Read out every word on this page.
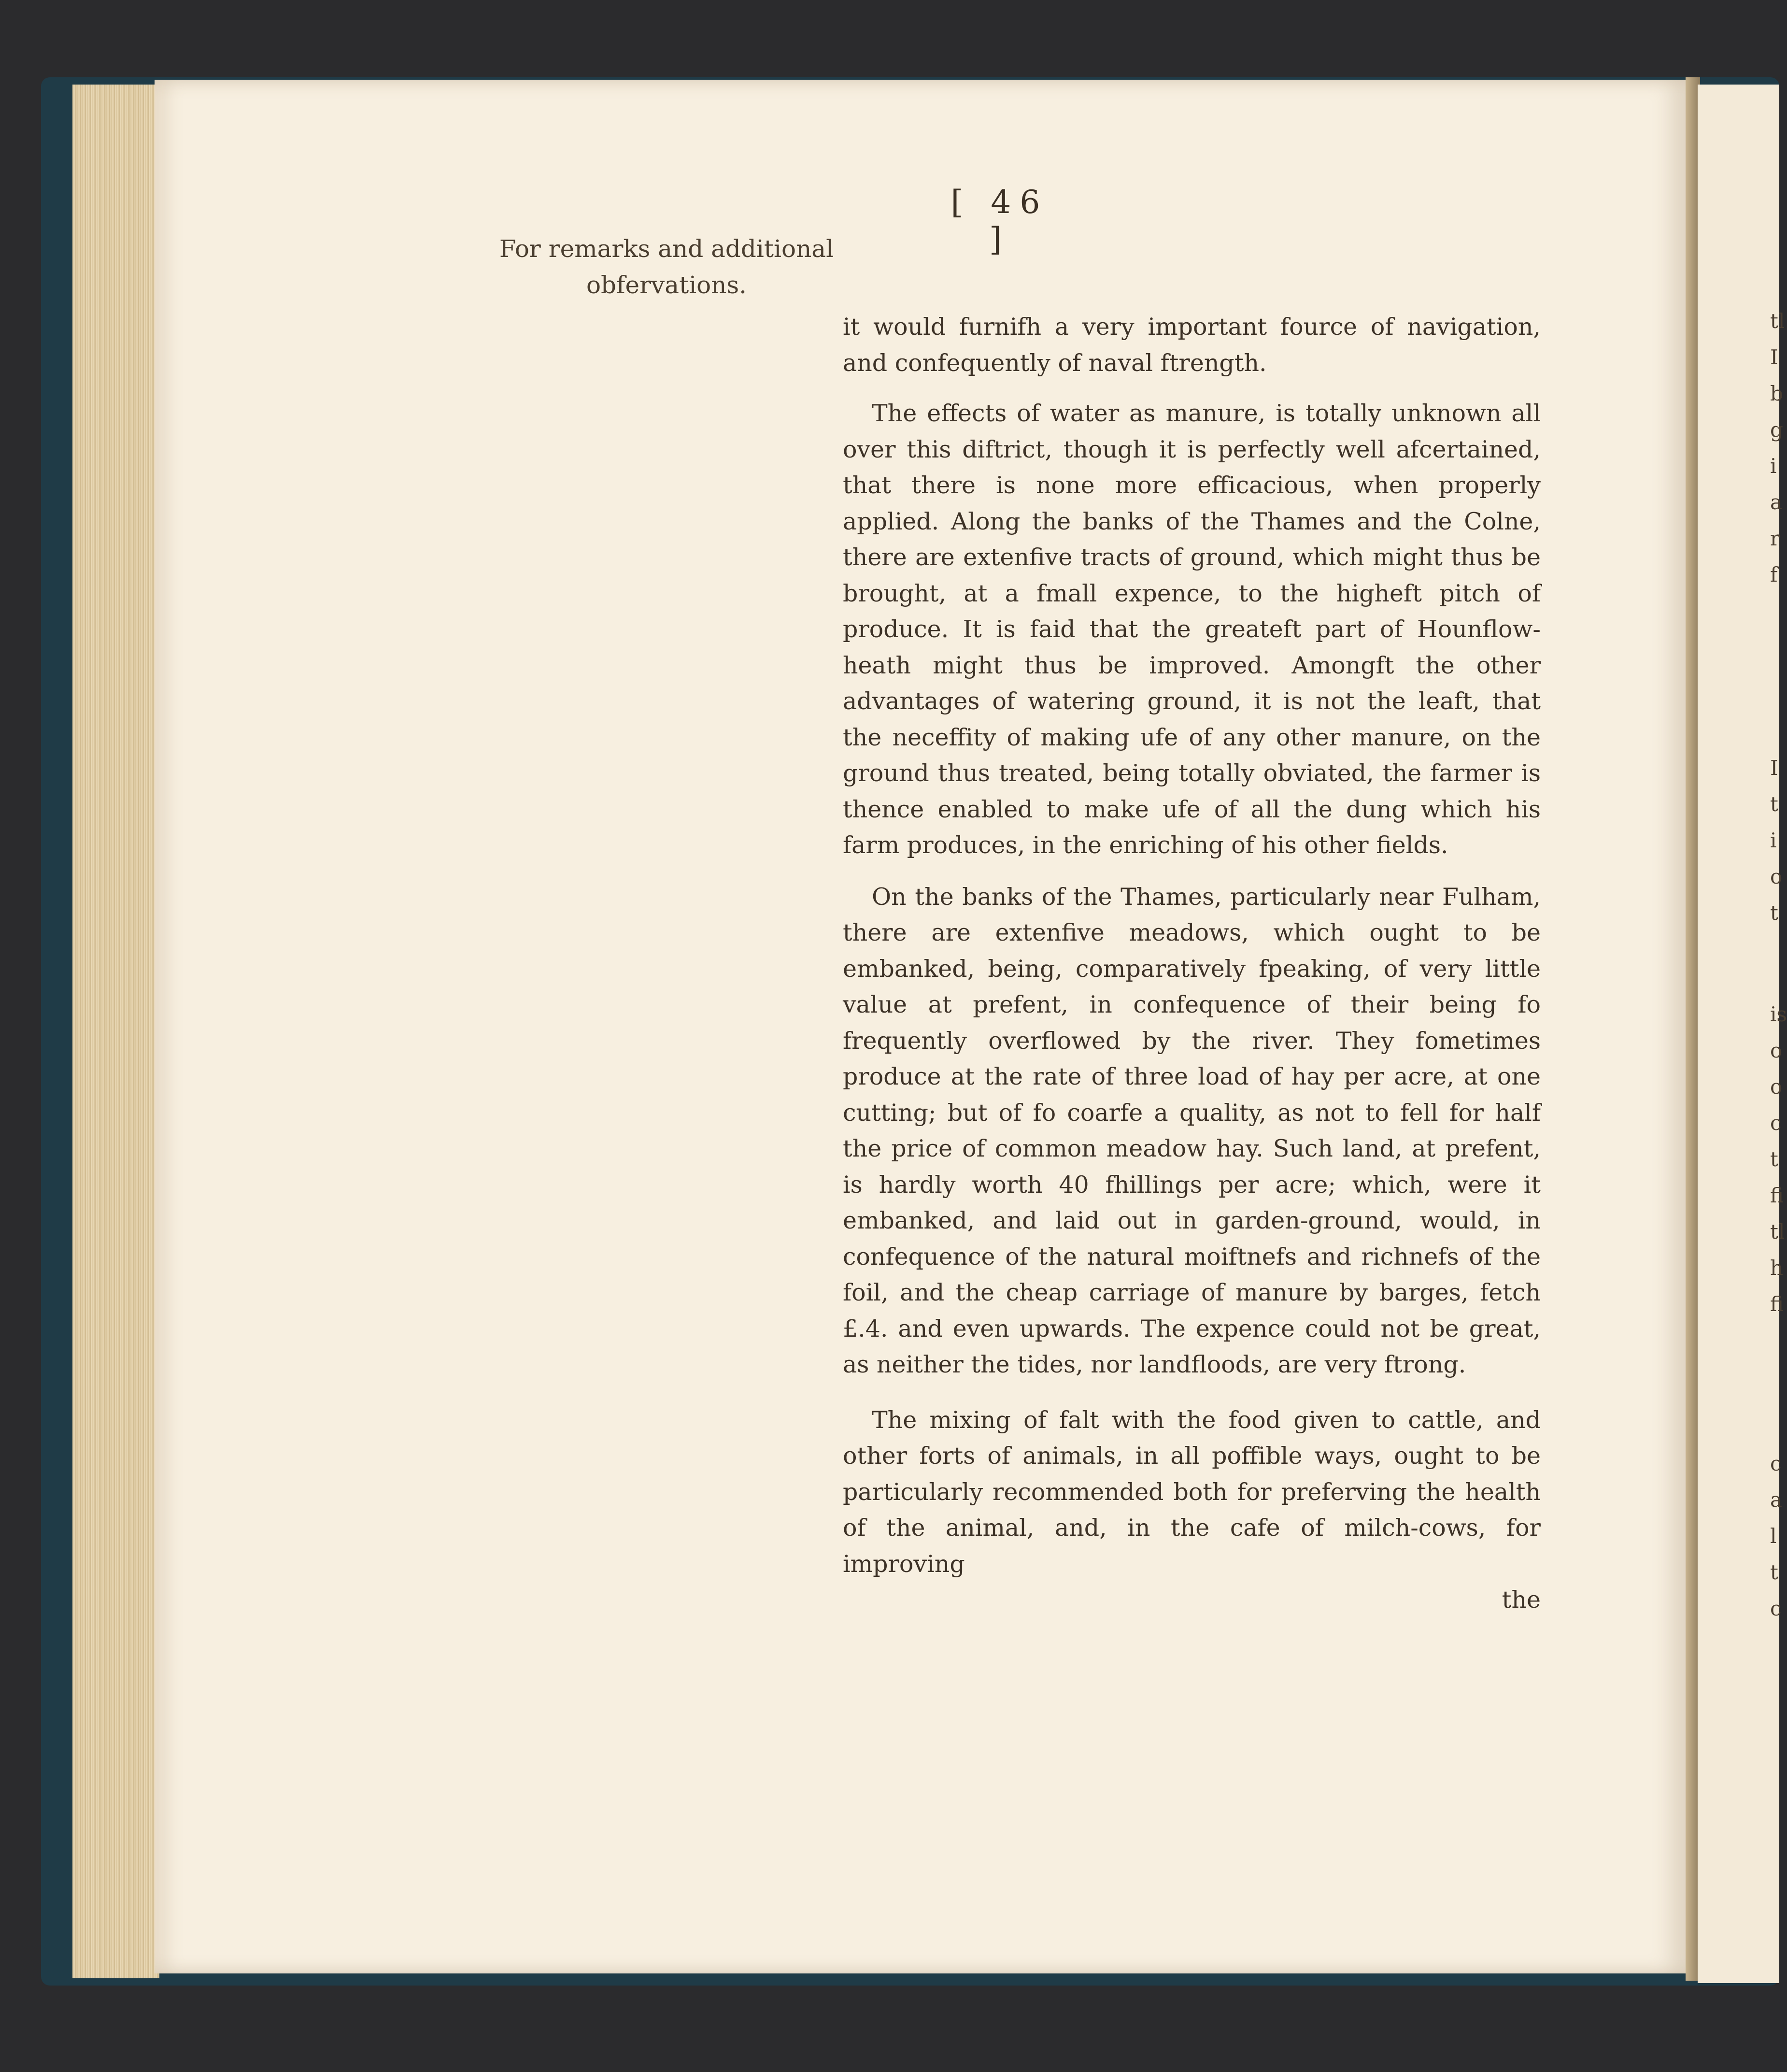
[ 46 ]
For remarks and additional obfervations.

it would furnifh a very important fource of navigation, and confequently of naval ftrength.

The effects of water as manure, is totally unknown all over this diftrict, though it is perfectly well afcertained, that there is none more efficacious, when properly applied. Along the banks of the Thames and the Colne, there are extenfive tracts of ground, which might thus be brought, at a fmall expence, to the higheft pitch of produce. It is faid that the greateft part of Hounflow-heath might thus be improved. Amongft the other advantages of watering ground, it is not the leaft, that the neceffity of making ufe of any other manure, on the ground thus treated, being totally obviated, the farmer is thence enabled to make ufe of all the dung which his farm produces, in the enriching of his other fields.

On the banks of the Thames, particularly near Fulham, there are extenfive meadows, which ought to be embanked, being, comparatively fpeaking, of very little value at prefent, in confequence of their being fo frequently overflowed by the river. They fometimes produce at the rate of three load of hay per acre, at one cutting; but of fo coarfe a quality, as not to fell for half the price of common meadow hay. Such land, at prefent, is hardly worth 40 fhillings per acre; which, were it embanked, and laid out in garden-ground, would, in confequence of the natural moiftnefs and richnefs of the foil, and the cheap carriage of manure by barges, fetch £.4. and even upwards. The expence could not be great, as neither the tides, nor landfloods, are very ftrong.

The mixing of falt with the food given to cattle, and other forts of animals, in all poffible ways, ought to be particularly recommended both for preferving the health of the animal, and, in the cafe of milch-cows, for improving

the
tl
I
b
g
i
a
r
f
I
t
i
o
t
is
o
o
c
t
fi
tl
h
fi
c
a
l
t
c
